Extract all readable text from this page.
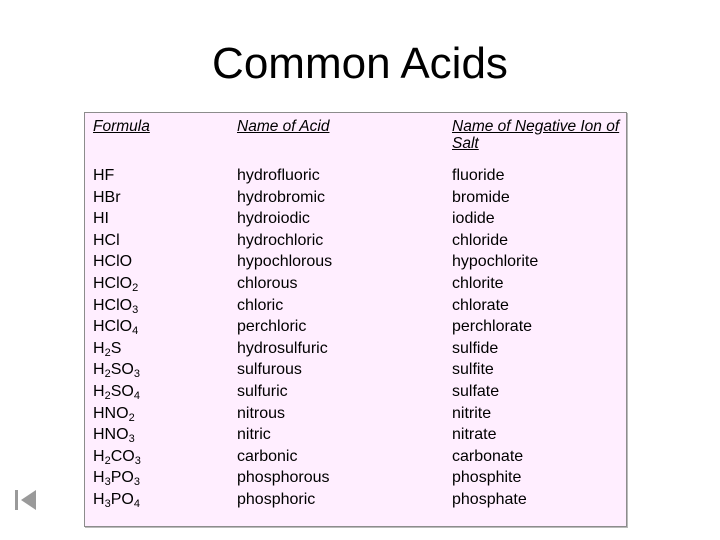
Common Acids
Formula	Name of Acid	Name of Negative Ion of Salt
HF	hydrofluoric	fluoride
HBr	hydrobromic	bromide
HI	hydroiodic	iodide
HCl	hydrochloric	chloride
HClO	hypochlorous	hypochlorite
HClO$_2$	chlorous	chlorite
HClO$_3$	chloric	chlorate
HClO$_4$	perchloric	perchlorate
$H_2S$	hydrosulfuric	sulfide
$H_2SO_3$	sulfurous	sulfite
$H_2SO_4$	sulfuric	sulfate
$HNO_2$	nitrous	nitrite
$HNO_3$	nitric	nitrate
$H_2CO_3$	carbonic	carbonate
$H_3PO_3$	phosphorous	phosphite
$H_3PO_4$	phosphoric	phosphate
